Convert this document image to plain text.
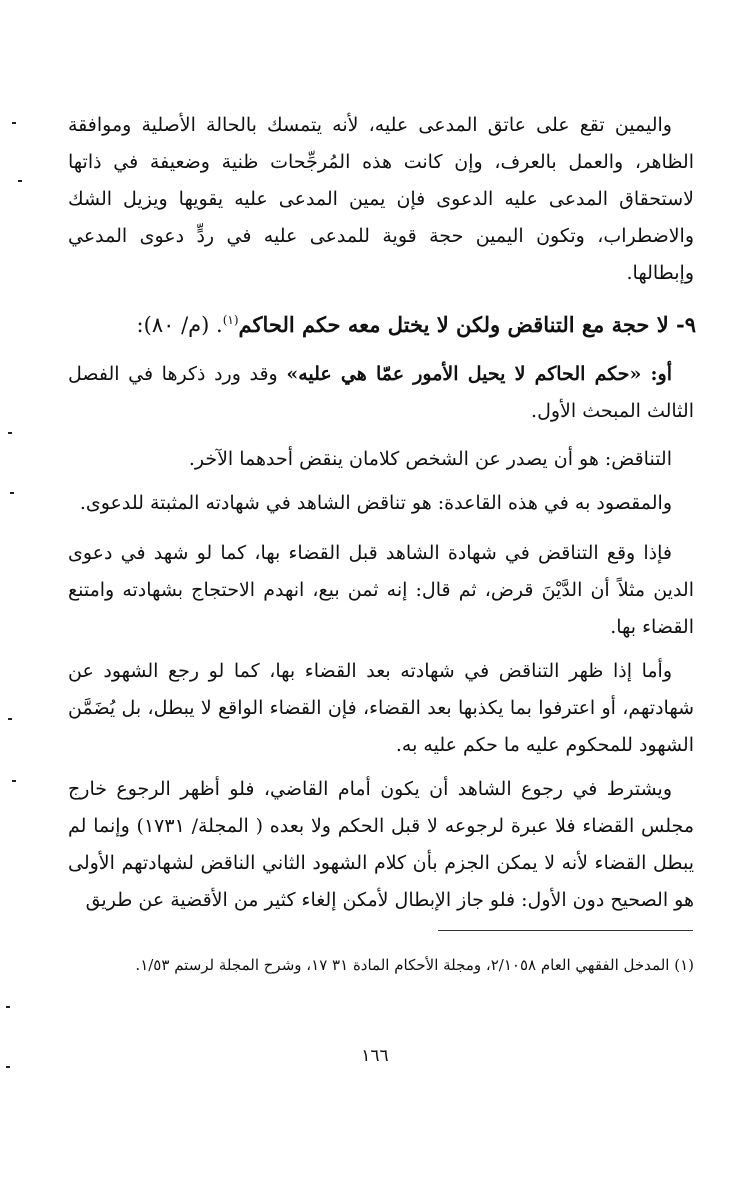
واليمين تقع على عاتق المدعى عليه، لأنه يتمسك بالحالة الأصلية وموافقة الظاهر، والعمل بالعرف، وإن كانت هذه المُرجِّحات ظنية وضعيفة في ذاتها لاستحقاق المدعى عليه الدعوى فإن يمين المدعى عليه يقويها ويزيل الشك والاضطراب، وتكون اليمين حجة قوية للمدعى عليه في ردٍّ دعوى المدعي وإبطالها.
٩- لا حجة مع التناقض ولكن لا يختل معه حكم الحاكم$^{(١)}$. (م/ ٨٠):
أو: «حكم الحاكم لا يحيل الأمور عمّا هي عليه» وقد ورد ذكرها في الفصل الثالث المبحث الأول.
التناقض: هو أن يصدر عن الشخص كلامان ينقض أحدهما الآخر.
والمقصود به في هذه القاعدة: هو تناقض الشاهد في شهادته المثبتة للدعوى.
فإذا وقع التناقض في شهادة الشاهد قبل القضاء بها، كما لو شهد في دعوى الدين مثلاً أن الدَّيْنَ قرض، ثم قال: إنه ثمن بيع، انهدم الاحتجاج بشهادته وامتنع القضاء بها.
وأما إذا ظهر التناقض في شهادته بعد القضاء بها، كما لو رجع الشهود عن شهادتهم، أو اعترفوا بما يكذبها بعد القضاء، فإن القضاء الواقع لا يبطل، بل يُضَمَّن الشهود للمحكوم عليه ما حكم عليه به.
ويشترط في رجوع الشاهد أن يكون أمام القاضي، فلو أظهر الرجوع خارج مجلس القضاء فلا عبرة لرجوعه لا قبل الحكم ولا بعده ( المجلة/ ١٧٣١) وإنما لم يبطل القضاء لأنه لا يمكن الجزم بأن كلام الشهود الثاني الناقض لشهادتهم الأولى هو الصحيح دون الأول: فلو جاز الإبطال لأمكن إلغاء كثير من الأقضية عن طريق
(١) المدخل الفقهي العام ٢/١٠٥٨، ومجلة الأحكام المادة ٣١ ١٧، وشرح المجلة لرستم ١/٥٣.
١٦٦
